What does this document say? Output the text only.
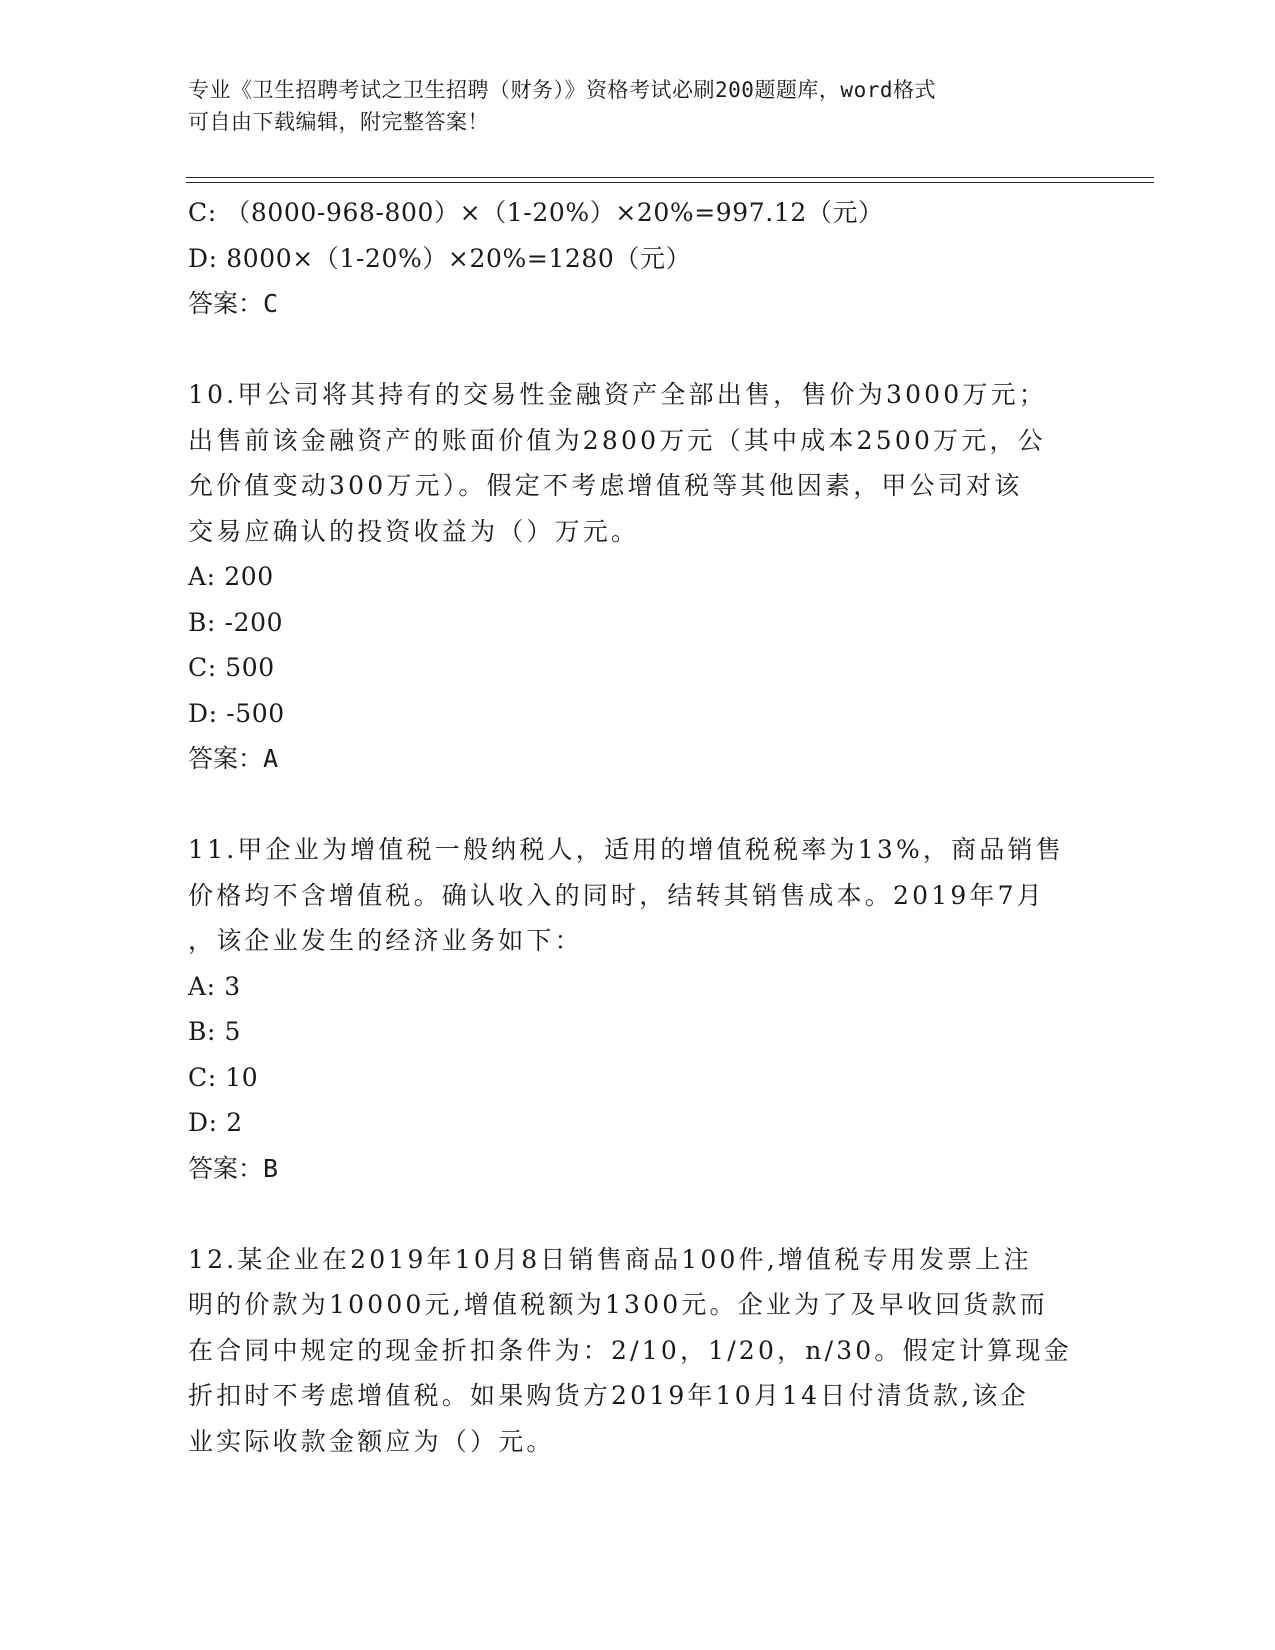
专业《卫生招聘考试之卫生招聘（财务）》资格考试必刷200题题库，word格式
可自由下载编辑，附完整答案！
C: （8000-968-800）×（1-20%）×20%=997.12（元）
D: 8000×（1-20%）×20%=1280（元）
答案：C
10.甲公司将其持有的交易性金融资产全部出售，售价为3000万元；
出售前该金融资产的账面价值为2800万元（其中成本2500万元，公
允价值变动300万元）。假定不考虑增值税等其他因素，甲公司对该
交易应确认的投资收益为（）万元。
A: 200
B: -200
C: 500
D: -500
答案：A
11.甲企业为增值税一般纳税人，适用的增值税税率为13%，商品销售
价格均不含增值税。确认收入的同时，结转其销售成本。2019年7月
，该企业发生的经济业务如下：
A: 3
B: 5
C: 10
D: 2
答案：B
12.某企业在2019年10月8日销售商品100件,增值税专用发票上注
明的价款为10000元,增值税额为1300元。企业为了及早收回货款而
在合同中规定的现金折扣条件为：2/10，1/20，n/30。假定计算现金
折扣时不考虑增值税。如果购货方2019年10月14日付清货款,该企
业实际收款金额应为（）元。
